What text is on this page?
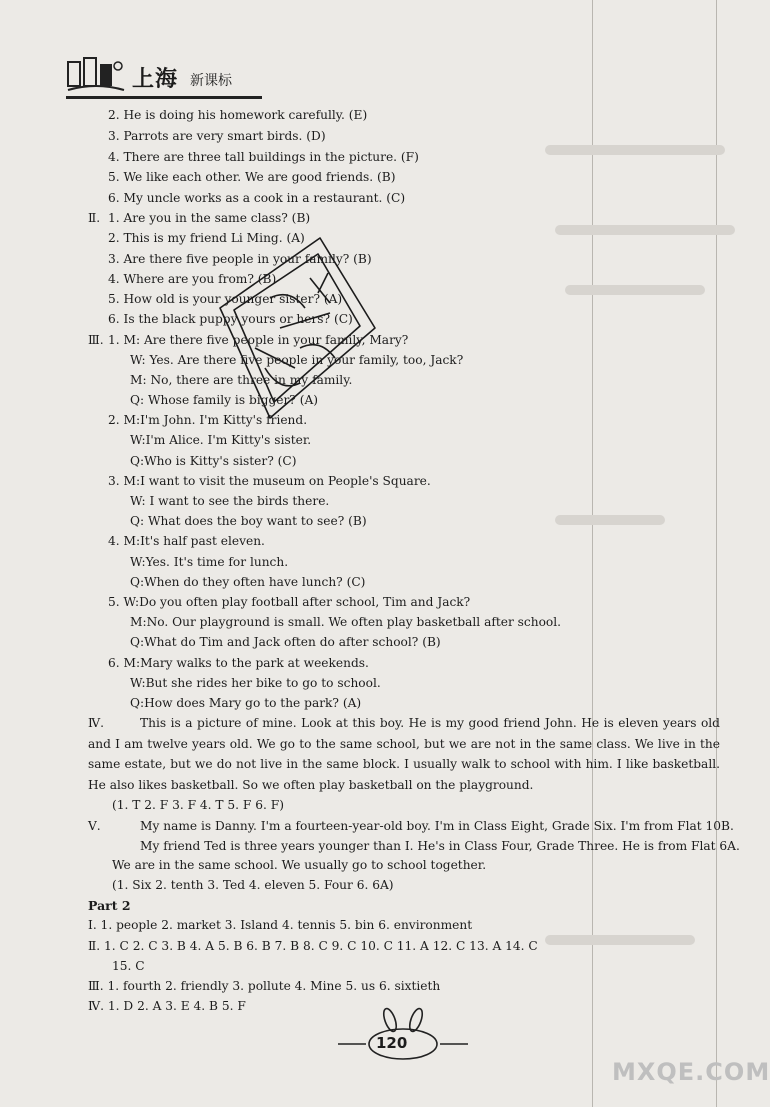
上海 新课标
2. He is doing his homework carefully. (E)
3. Parrots are very smart birds. (D)
4. There are three tall buildings in the picture. (F)
5. We like each other. We are good friends. (B)
6. My uncle works as a cook in a restaurant. (C)
Ⅱ. 1. Are you in the same class? (B)
2. This is my friend Li Ming. (A)
3. Are there five people in your family? (B)
4. Where are you from? (B)
5. How old is your younger sister? (A)
6. Is the black puppy yours or hers? (C)
Ⅲ. 1. M: Are there five people in your family, Mary?
W: Yes. Are there five people in your family, too, Jack?
M: No, there are three in my family.
Q: Whose family is bigger? (A)
2. M:I'm John. I'm Kitty's friend.
W:I'm Alice. I'm Kitty's sister.
Q:Who is Kitty's sister? (C)
3. M:I want to visit the museum on People's Square.
W: I want to see the birds there.
Q: What does the boy want to see? (B)
4. M:It's half past eleven.
W:Yes. It's time for lunch.
Q:When do they often have lunch? (C)
5. W:Do you often play football after school, Tim and Jack?
M:No. Our playground is small. We often play basketball after school.
Q:What do Tim and Jack often do after school? (B)
6. M:Mary walks to the park at weekends.
W:But she rides her bike to go to school.
Q:How does Mary go to the park? (A)
Ⅳ.	This is a picture of mine. Look at this boy. He is my good friend John. He is eleven years old and I am twelve years old. We go to the same school, but we are not in the same class. We live in the same estate, but we do not live in the same block. I usually walk to school with him. I like basketball. He also likes basketball. So we often play basketball on the playground.
(1. T 2. F 3. F 4. T 5. F 6. F)
Ⅴ.	My name is Danny. I'm a fourteen-year-old boy. I'm in Class Eight, Grade Six. I'm from Flat 10B.
My friend Ted is three years younger than I. He's in Class Four, Grade Three. He is from Flat 6A.
We are in the same school. We usually go to school together.
(1. Six 2. tenth 3. Ted 4. eleven 5. Four 6. 6A)
Part 2
Ⅰ. 1. people 2. market 3. Island 4. tennis 5. bin 6. environment
Ⅱ. 1. C 2. C 3. B 4. A 5. B 6. B 7. B 8. C 9. C 10. C 11. A 12. C 13. A 14. C
15. C
Ⅲ. 1. fourth 2. friendly 3. pollute 4. Mine 5. us 6. sixtieth
Ⅳ. 1. D 2. A 3. E 4. B 5. F
120
MXQE.COM
